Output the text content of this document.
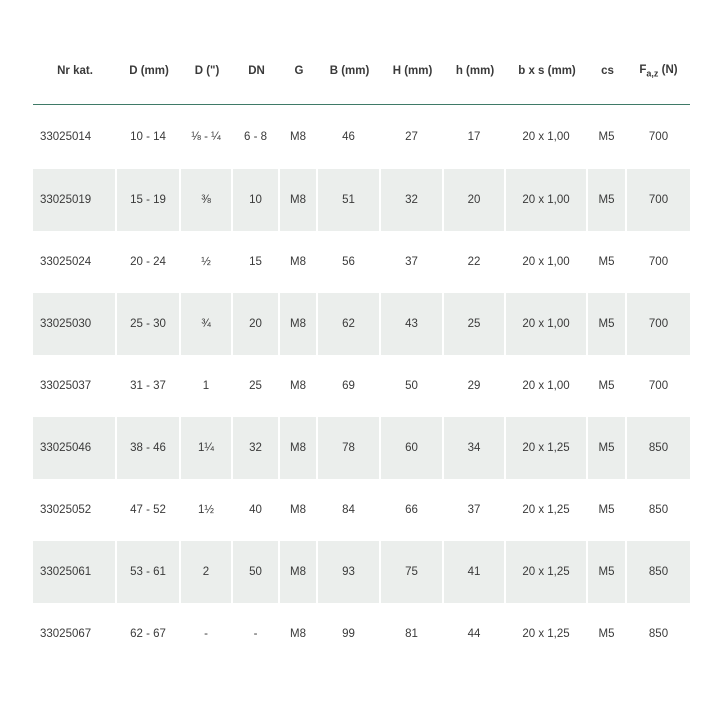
Nr kat.	D (mm)	D (")	DN	G	B (mm)	H (mm)	h (mm)	b x s (mm)	cs	$F_{a,z}$ (N)
33025014	10 - 14	⅛ - ¼	6 - 8	M8	46	27	17	20 x 1,00	M5	700
33025019	15 - 19	⅜	10	M8	51	32	20	20 x 1,00	M5	700
33025024	20 - 24	½	15	M8	56	37	22	20 x 1,00	M5	700
33025030	25 - 30	¾	20	M8	62	43	25	20 x 1,00	M5	700
33025037	31 - 37	1	25	M8	69	50	29	20 x 1,00	M5	700
33025046	38 - 46	1¼	32	M8	78	60	34	20 x 1,25	M5	850
33025052	47 - 52	1½	40	M8	84	66	37	20 x 1,25	M5	850
33025061	53 - 61	2	50	M8	93	75	41	20 x 1,25	M5	850
33025067	62 - 67	-	-	M8	99	81	44	20 x 1,25	M5	850
